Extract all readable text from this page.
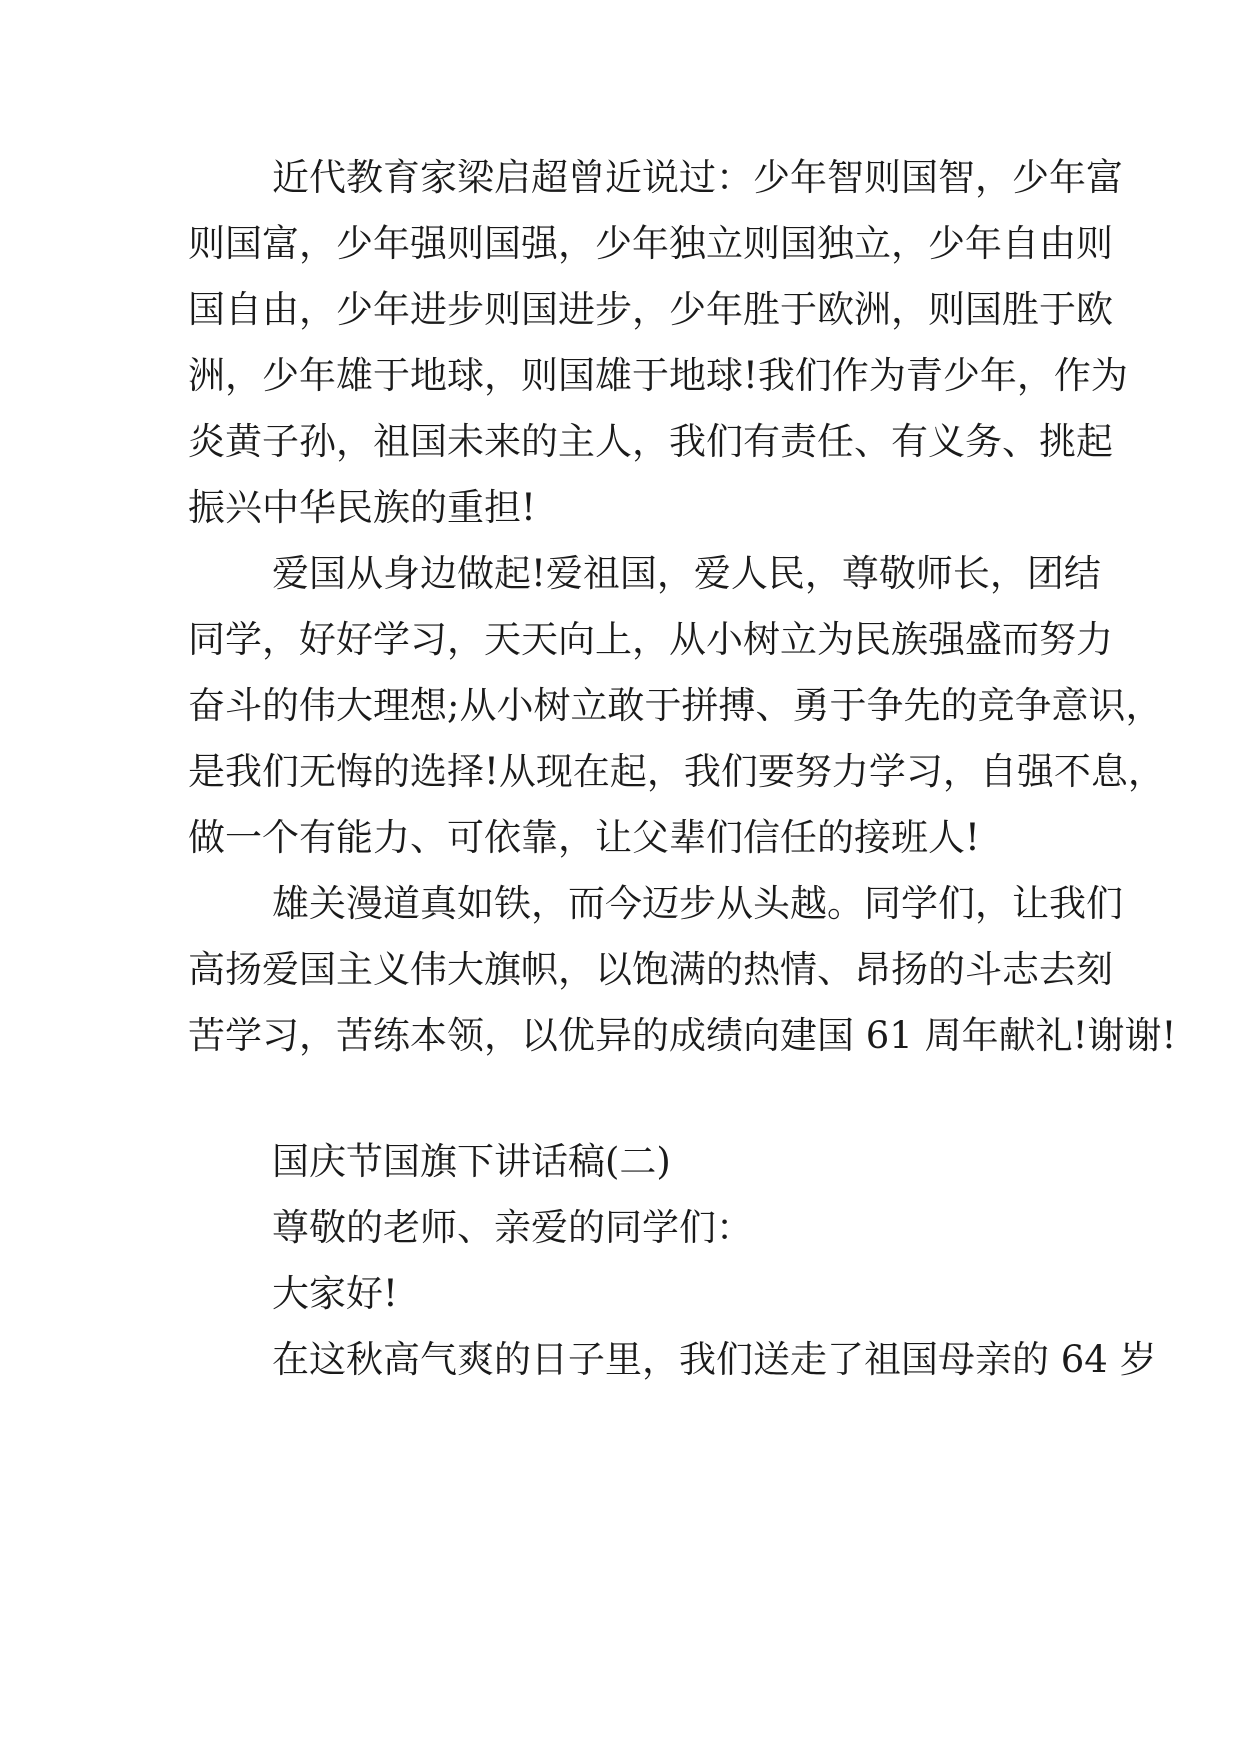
近代教育家梁启超曾近说过：少年智则国智，少年富
则国富，少年强则国强，少年独立则国独立，少年自由则
国自由，少年进步则国进步，少年胜于欧洲，则国胜于欧
洲，少年雄于地球，则国雄于地球!我们作为青少年，作为
炎黄子孙，祖国未来的主人，我们有责任、有义务、挑起
振兴中华民族的重担!
爱国从身边做起!爱祖国，爱人民，尊敬师长，团结
同学，好好学习，天天向上，从小树立为民族强盛而努力
奋斗的伟大理想;从小树立敢于拼搏、勇于争先的竞争意识，
是我们无悔的选择!从现在起，我们要努力学习，自强不息，
做一个有能力、可依靠，让父辈们信任的接班人!
雄关漫道真如铁，而今迈步从头越。同学们，让我们
高扬爱国主义伟大旗帜，以饱满的热情、昂扬的斗志去刻
苦学习，苦练本领，以优异的成绩向建国 61 周年献礼!谢谢!
国庆节国旗下讲话稿(二)
尊敬的老师、亲爱的同学们：
大家好!
在这秋高气爽的日子里，我们送走了祖国母亲的 64 岁
